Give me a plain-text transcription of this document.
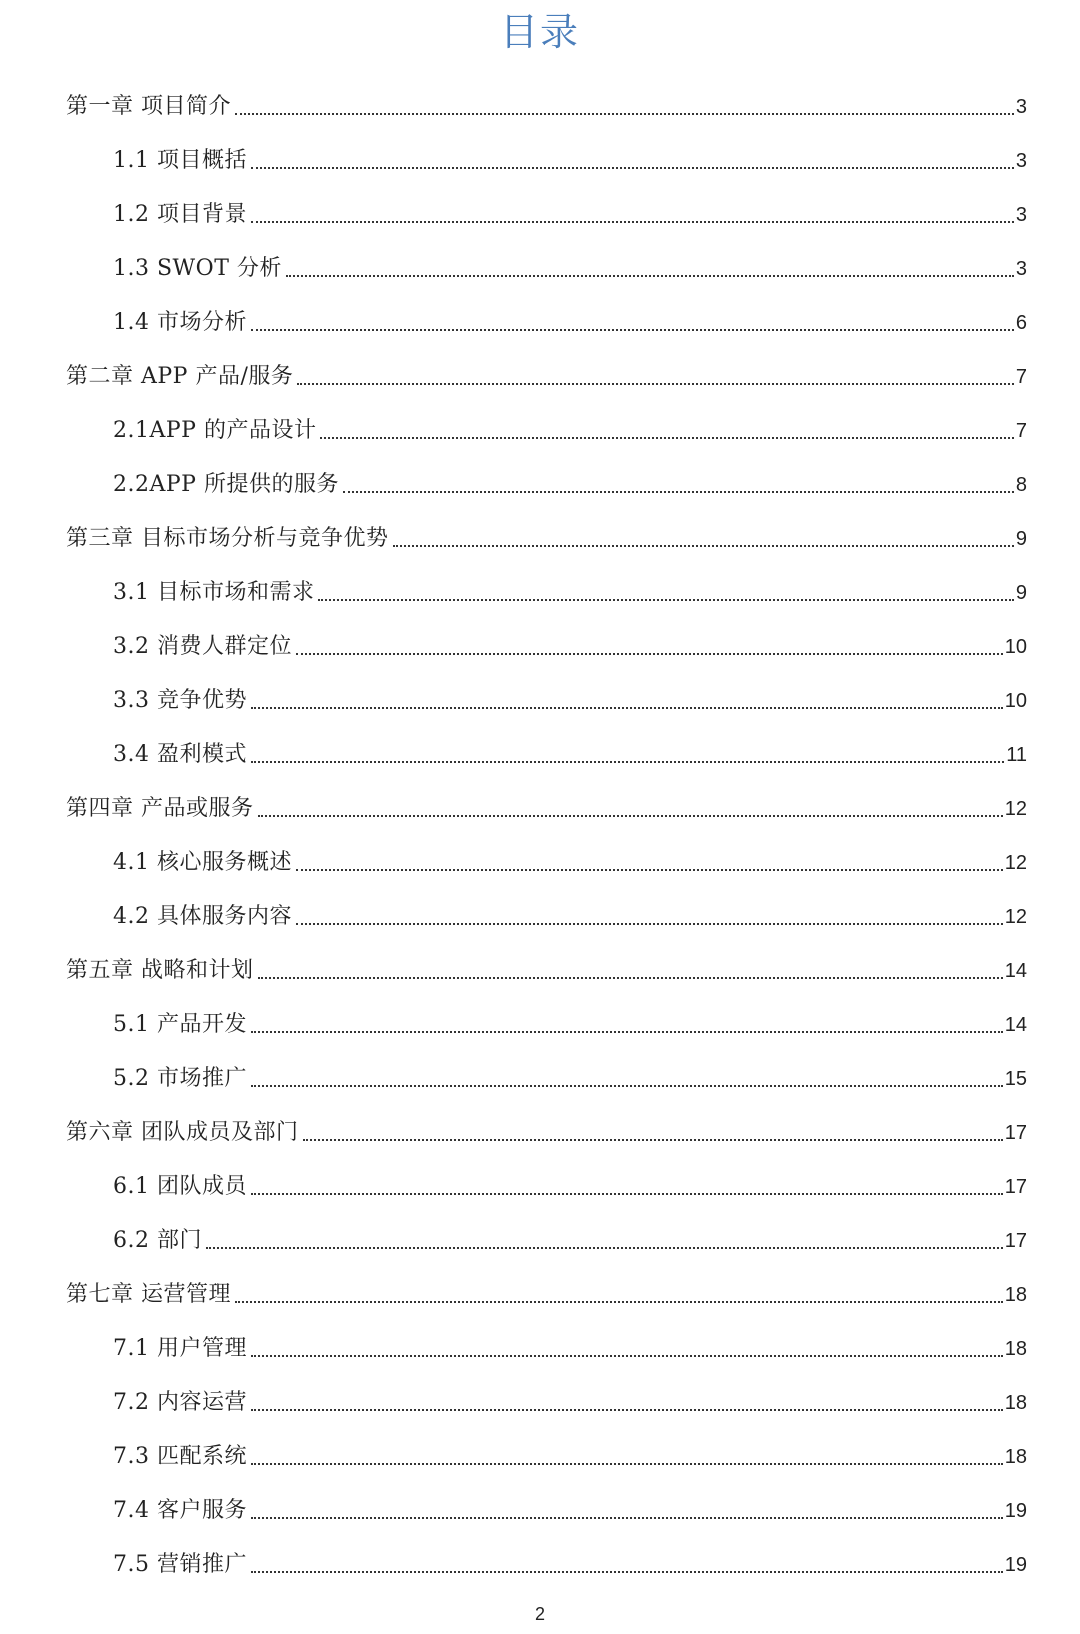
目录
第一章 项目简介	3
1.1 项目概括	3
1.2 项目背景	3
1.3 SWOT 分析	3
1.4 市场分析	6
第二章 APP 产品/服务	7
2.1APP 的产品设计	7
2.2APP 所提供的服务	8
第三章 目标市场分析与竞争优势	9
3.1 目标市场和需求	9
3.2 消费人群定位	10
3.3 竞争优势	10
3.4 盈利模式	11
第四章 产品或服务	12
4.1 核心服务概述	12
4.2 具体服务内容	12
第五章 战略和计划	14
5.1 产品开发	14
5.2 市场推广	15
第六章 团队成员及部门	17
6.1 团队成员	17
6.2 部门	17
第七章 运营管理	18
7.1 用户管理	18
7.2 内容运营	18
7.3 匹配系统	18
7.4 客户服务	19
7.5 营销推广	19
2
